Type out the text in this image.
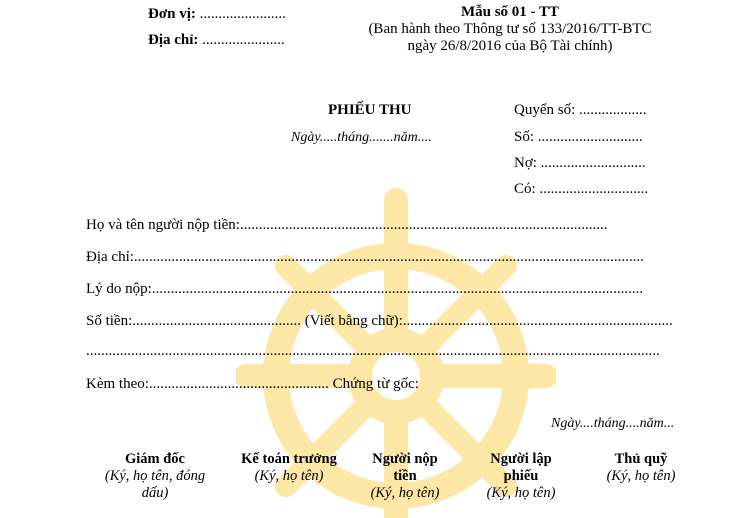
Đơn vị: .......................
Địa chỉ: ......................
Mẫu số 01 - TT
(Ban hành theo Thông tư số 133/2016/TT-BTC
ngày 26/8/2016 của Bộ Tài chính)
PHIẾU THU
Ngày.....tháng.......năm....
Quyển số: ..................
Số: ............................
Nợ: ............................
Có: .............................
Họ và tên người nộp tiền:..................................................................................................
Địa chỉ:........................................................................................................................................
Lý do nộp:...................................................................................................................................
Số tiền:............................................. (Viết bằng chữ):........................................................................
.........................................................................................................................................................
Kèm theo:................................................ Chứng từ gốc:
Ngày....tháng....năm...
Giám đốc
(Ký, họ tên, đóng dấu)
Kế toán trưởng
(Ký, họ tên)
Người nộp tiền
(Ký, họ tên)
Người lập phiếu
(Ký, họ tên)
Thủ quỹ
(Ký, họ tên)
